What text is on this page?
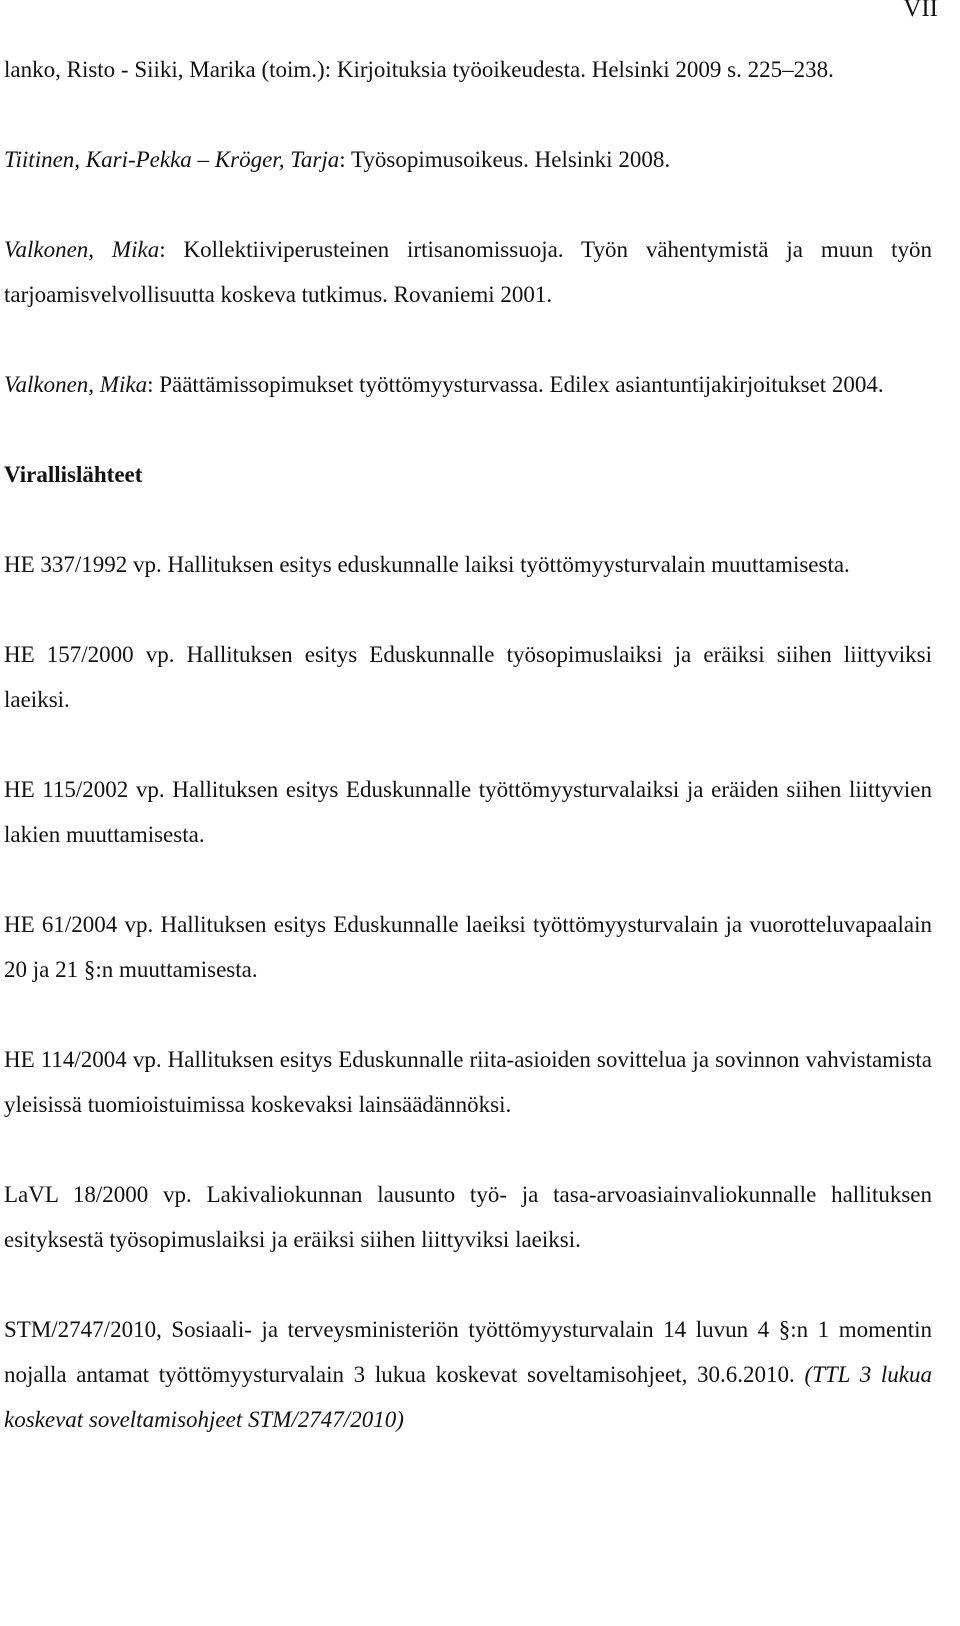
VII

lanko, Risto - Siiki, Marika (toim.): Kirjoituksia työoikeudesta. Helsinki 2009 s. 225–238.

Tiitinen, Kari-Pekka – Kröger, Tarja: Työsopimusoikeus. Helsinki 2008.

Valkonen, Mika: Kollektiiviperusteinen irtisanomissuoja. Työn vähentymistä ja muun työn tarjoamisvelvollisuutta koskeva tutkimus. Rovaniemi 2001.

Valkonen, Mika: Päättämissopimukset työttömyysturvassa. Edilex asiantuntijakirjoitukset 2004.

Virallislähteet

HE 337/1992 vp. Hallituksen esitys eduskunnalle laiksi työttömyysturvalain muuttamisesta.

HE 157/2000 vp. Hallituksen esitys Eduskunnalle työsopimuslaiksi ja eräiksi siihen liittyviksi laeiksi.

HE 115/2002 vp. Hallituksen esitys Eduskunnalle työttömyysturvalaiksi ja eräiden siihen liittyvien lakien muuttamisesta.

HE 61/2004 vp. Hallituksen esitys Eduskunnalle laeiksi työttömyysturvalain ja vuorotteluvapaalain 20 ja 21 §:n muuttamisesta.

HE 114/2004 vp. Hallituksen esitys Eduskunnalle riita-asioiden sovittelua ja sovinnon vahvistamista yleisissä tuomioistuimissa koskevaksi lainsäädännöksi.

LaVL 18/2000 vp. Lakivaliokunnan lausunto työ- ja tasa-arvoasiainvaliokunnalle hallituksen esityksestä työsopimuslaiksi ja eräiksi siihen liittyviksi laeiksi.

STM/2747/2010, Sosiaali- ja terveysministeriön työttömyysturvalain 14 luvun 4 §:n 1 momentin nojalla antamat työttömyysturvalain 3 lukua koskevat soveltamisohjeet, 30.6.2010. (TTL 3 lukua koskevat soveltamisohjeet STM/2747/2010)
